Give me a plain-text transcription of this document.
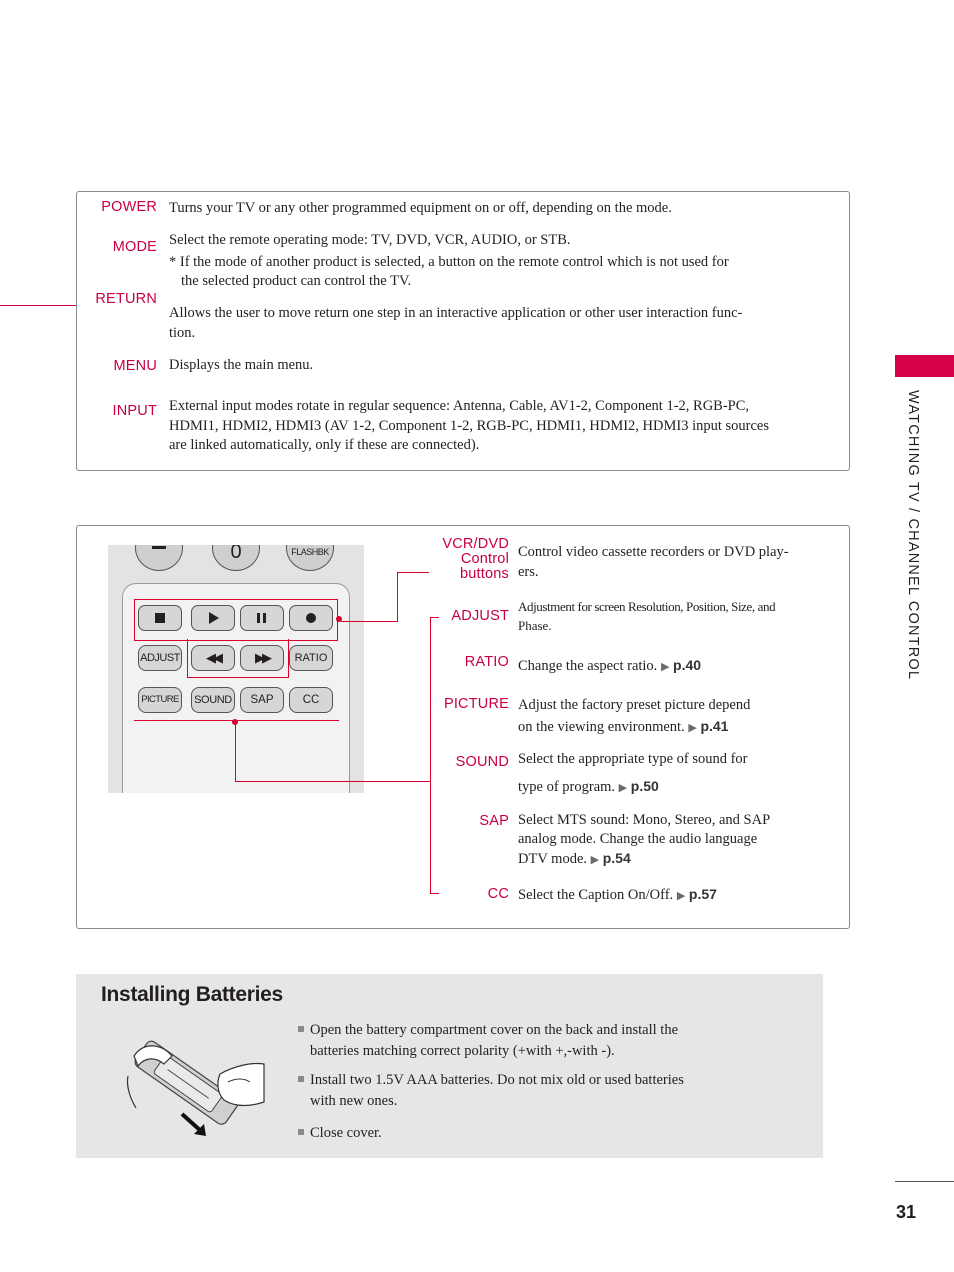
WATCHING TV / CHANNEL CONTROL
POWER Turns your TV or any other programmed equipment on or off, depending on the mode.
MODE Select the remote operating mode: TV, DVD, VCR, AUDIO, or STB.
* If the mode of another product is selected, a button on the remote control which is not used for
the selected product can control the TV.
RETURN
Allows the user to move return one step in an interactive application or other user interaction func-
tion.
MENU Displays the main menu.
INPUT External input modes rotate in regular sequence: Antenna, Cable, AV1-2, Component 1-2, RGB-PC,
HDMI1, HDMI2, HDMI3 (AV 1-2, Component 1-2, RGB-PC, HDMI1, HDMI2, HDMI3 input sources
are linked automatically, only if these are connected).
0	FLASHBK
ADJUST	◀◀	▶▶	RATIO
PICTURE SOUND	SAP	CC
VCR/DVD
Control
buttons
Control video cassette recorders or DVD play-
ers.
ADJUST
Adjustment for screen Resolution, Position, Size, and
Phase.
RATIO Change the aspect ratio. ▶ p.40
PICTURE Adjust the factory preset picture depend
on the viewing environment. ▶ p.41
SOUND Select the appropriate type of sound for
type of program. ▶ p.50
SAP Select MTS sound: Mono, Stereo, and SAP
analog mode. Change the audio language
DTV mode. ▶ p.54
CC Select the Caption On/Off. ▶ p.57
Installing Batteries
Open the battery compartment cover on the back and install the
batteries matching correct polarity (+with +,-with -).
Install two 1.5V AAA batteries. Do not mix old or used batteries
with new ones.
Close cover.
31
